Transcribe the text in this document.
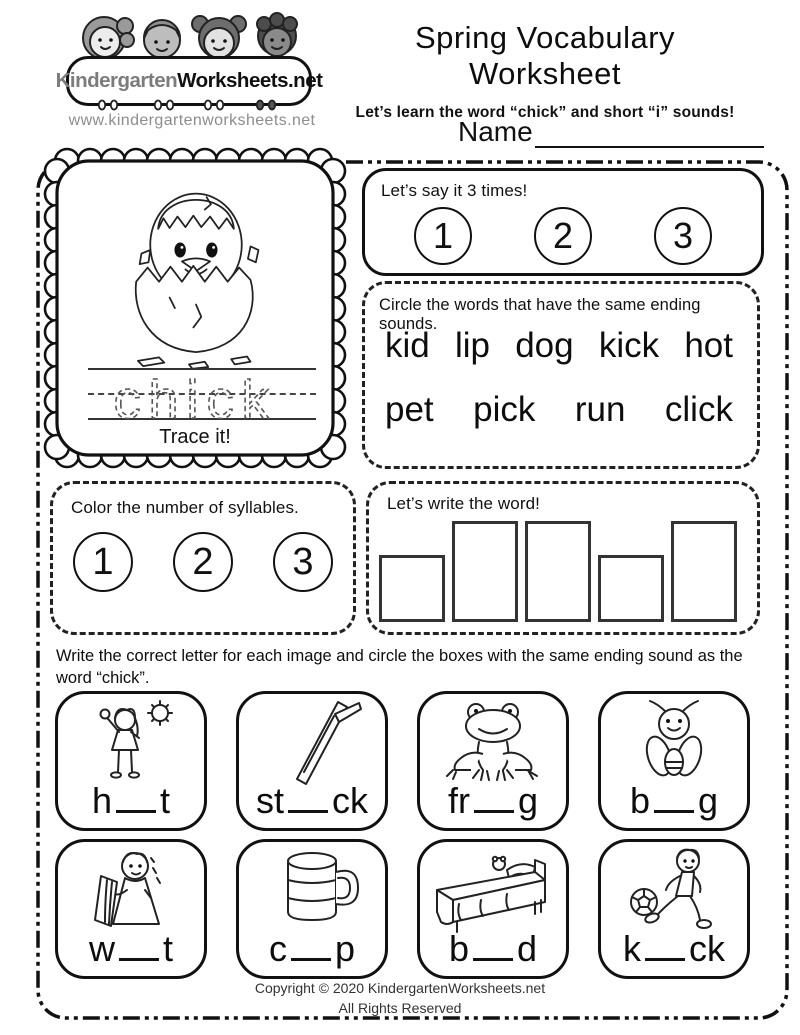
Kindergarten Worksheets.net
www.kindergartenworksheets.net
Spring Vocabulary Worksheet
Let’s learn the word “chick” and short “i” sounds!
Name
chick
Trace it!
Let’s say it 3 times!
1	2	3
Circle the words that have the same ending sounds.
kid lip dog kick hot
pet pick run click
Color the number of syllables.
1 2 3
Let’s write the word!
Write the correct letter for each image and circle the boxes with the same ending sound as the word “chick”.
h t	st ck	fr g	b g
w t	c p	b d	k ck
Copyright © 2020 KindergartenWorksheets.net
All Rights Reserved
